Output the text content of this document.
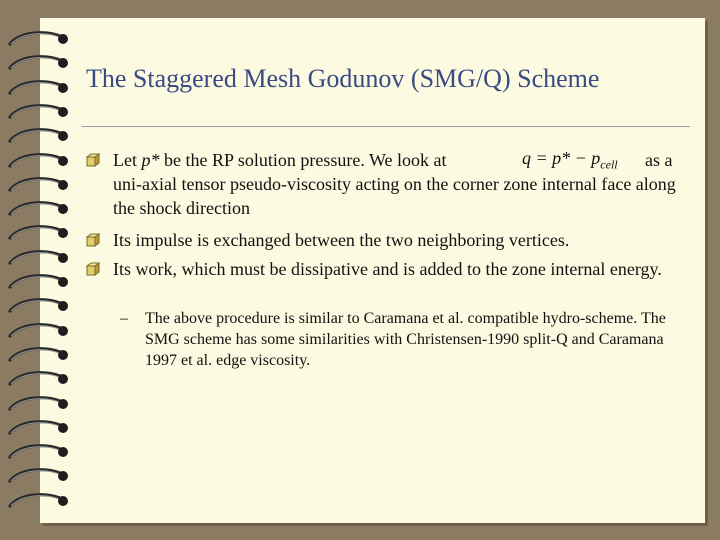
The Staggered Mesh Godunov (SMG/Q) Scheme
Let p* be the RP solution pressure. We look at	as a
uni-axial tensor pseudo-viscosity acting on the corner zone internal face along the shock direction
$q = p* - p_{cell}$
Its impulse is exchanged between the two neighboring vertices.
Its work, which must be dissipative and is added to the zone internal energy.
– The above procedure is similar to Caramana et al. compatible hydro-scheme. The SMG scheme has some similarities with Christensen-1990 split-Q and Caramana 1997 et al. edge viscosity.
